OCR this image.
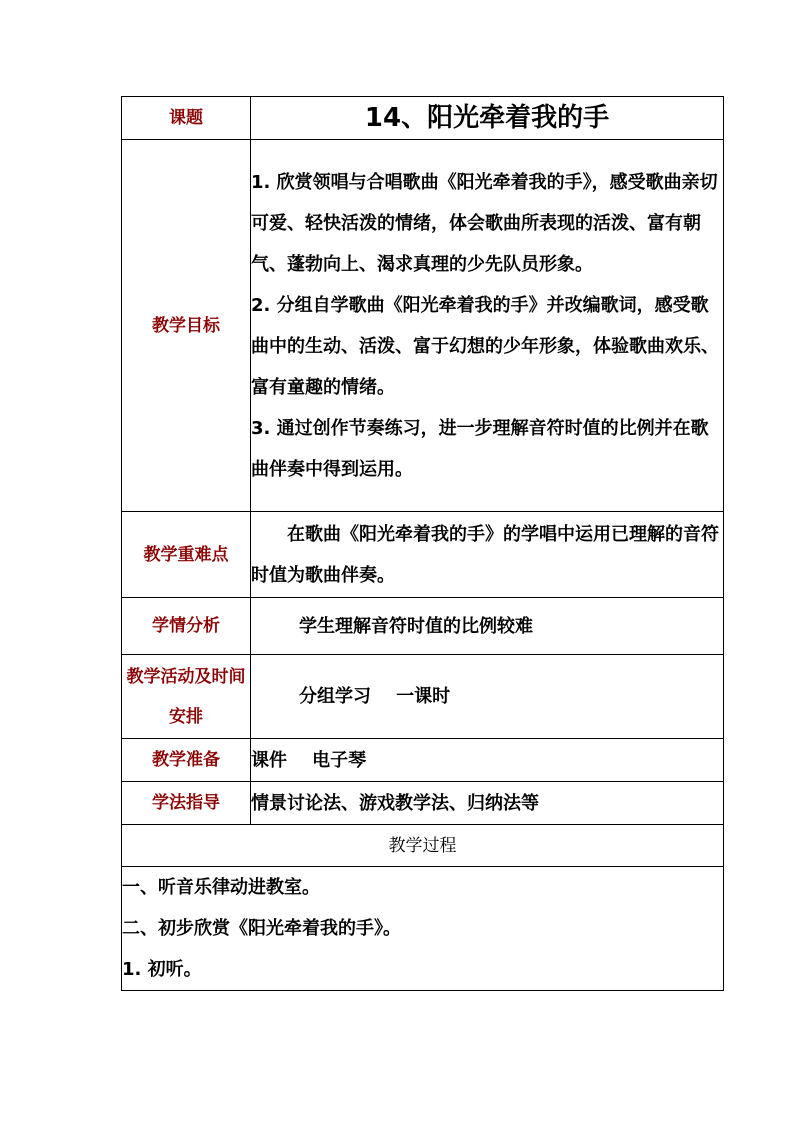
课题	14、阳光牵着我的手

教学目标	1. 欣赏领唱与合唱歌曲《阳光牵着我的手》，感受歌曲亲切可爱、轻快活泼的情绪，体会歌曲所表现的活泼、富有朝气、蓬勃向上、渴求真理的少先队员形象。
2. 分组自学歌曲《阳光牵着我的手》并改编歌词，感受歌曲中的生动、活泼、富于幻想的少年形象，体验歌曲欢乐、富有童趣的情绪。
3. 通过创作节奏练习，进一步理解音符时值的比例并在歌曲伴奏中得到运用。

教学重难点	在歌曲《阳光牵着我的手》的学唱中运用已理解的音符时值为歌曲伴奏。

学情分析	学生理解音符时值的比例较难

教学活动及时间安排	分组学习    一课时

教学准备	课件    电子琴

学法指导	情景讨论法、游戏教学法、归纳法等

教学过程	

一、听音乐律动进教室。
二、初步欣赏《阳光牵着我的手》。
1. 初听。	
